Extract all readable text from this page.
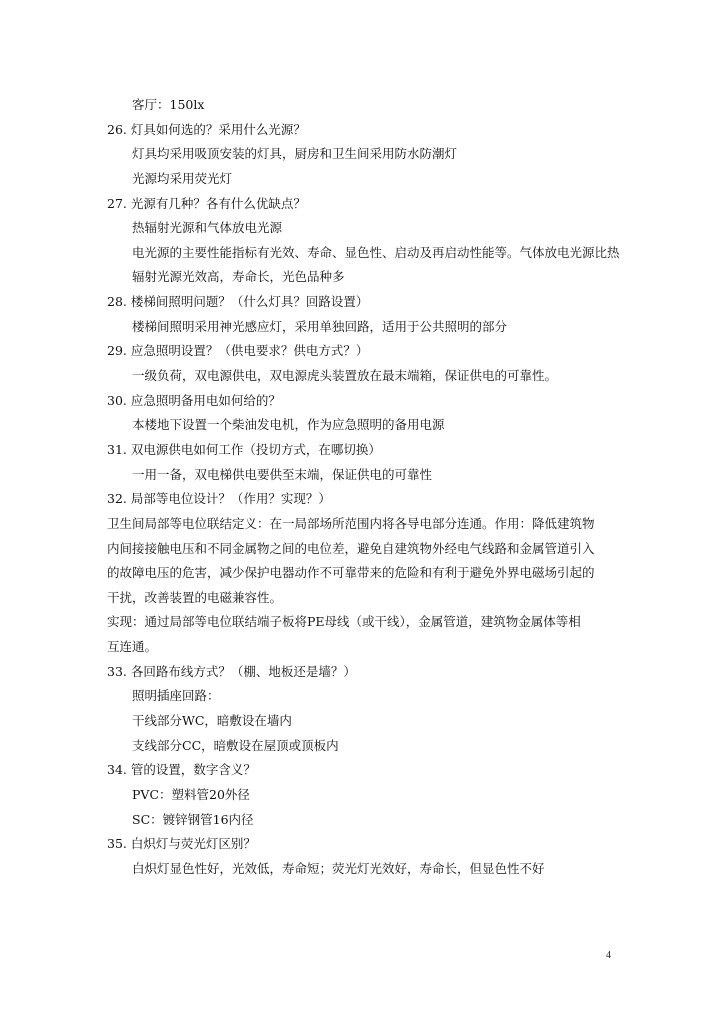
客厅：150lx
26. 灯具如何选的？采用什么光源？
灯具均采用吸顶安装的灯具，厨房和卫生间采用防水防潮灯
光源均采用荧光灯
27. 光源有几种？各有什么优缺点？
热辐射光源和气体放电光源
电光源的主要性能指标有光效、寿命、显色性、启动及再启动性能等。气体放电光源比热
辐射光源光效高，寿命长，光色品种多
28. 楼梯间照明问题？（什么灯具？回路设置）
楼梯间照明采用神光感应灯，采用单独回路，适用于公共照明的部分
29. 应急照明设置？（供电要求？供电方式？）
一级负荷，双电源供电，双电源虎头装置放在最末端箱，保证供电的可靠性。
30. 应急照明备用电如何给的？
本楼地下设置一个柴油发电机，作为应急照明的备用电源
31. 双电源供电如何工作（投切方式，在哪切换）
一用一备，双电梯供电要供至末端，保证供电的可靠性
32. 局部等电位设计？（作用？实现？）
卫生间局部等电位联结定义：在一局部场所范围内将各导电部分连通。作用：降低建筑物
内间接接触电压和不同金属物之间的电位差，避免自建筑物外经电气线路和金属管道引入
的故障电压的危害，减少保护电器动作不可靠带来的危险和有利于避免外界电磁场引起的
干扰，改善装置的电磁兼容性。
实现：通过局部等电位联结端子板将PE母线（或干线），金属管道，建筑物金属体等相
互连通。
33. 各回路布线方式？（棚、地板还是墙？）
照明插座回路：
干线部分WC，暗敷设在墙内
支线部分CC，暗敷设在屋顶或顶板内
34. 管的设置，数字含义？
PVC：塑料管20外径
SC：镀锌钢管16内径
35. 白炽灯与荧光灯区别？
白炽灯显色性好，光效低，寿命短；荧光灯光效好，寿命长，但显色性不好
4
